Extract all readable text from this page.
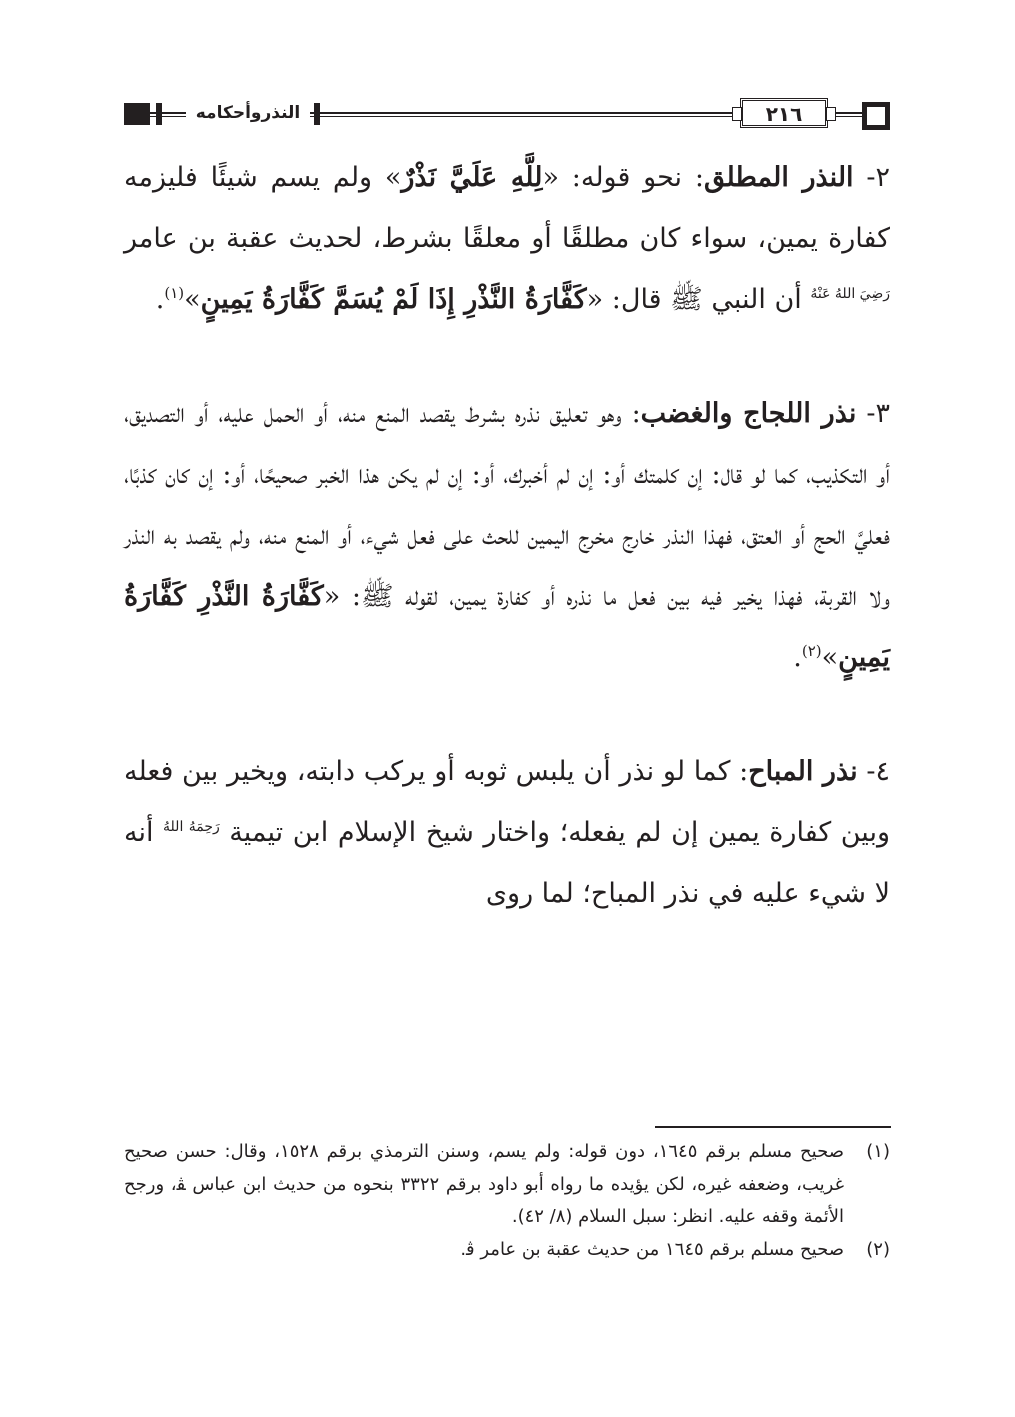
النذروأحكامه	٢١٦

٢- النذر المطلق: نحو قوله: «لِلَّهِ عَلَيَّ نَذْرٌ» ولم يسم شيئًا فليزمه كفارة يمين، سواء كان مطلقًا أو معلقًا بشرط، لحديث عقبة بن عامر $^{رَضِيَ اللهُ عَنْهُ}$ أن النبي ﷺ قال: «كَفَّارَةُ النَّذْرِ إِذَا لَمْ يُسَمَّ كَفَّارَةُ يَمِينٍ»$^{(١)}$.

٣- نذر اللجاج والغضب: وهو تعليق نذره بشرط يقصد المنع منه، أو الحمل عليه، أو التصديق، أو التكذيب، كما لو قال: إن كلمتك أو: إن لم أخبرك، أو: إن لم يكن هذا الخبر صحيحًا، أو: إن كان كذبًا، فعليَّ الحج أو العتق، فهذا النذر خارج مخرج اليمين للحث على فعل شيء، أو المنع منه، ولم يقصد به النذر ولا القربة، فهذا يخير فيه بين فعل ما نذره أو كفارة يمين، لقوله ﷺ: «كَفَّارَةُ النَّذْرِ كَفَّارَةُ يَمِينٍ»$^{(٢)}$.

٤- نذر المباح: كما لو نذر أن يلبس ثوبه أو يركب دابته، ويخير بين فعله وبين كفارة يمين إن لم يفعله؛ واختار شيخ الإسلام ابن تيمية $^{رَحِمَهُ اللهُ}$ أنه لا شيء عليه في نذر المباح؛ لما روى

(١)صحيح مسلم برقم ١٦٤٥، دون قوله: ولم يسم، وسنن الترمذي برقم ١٥٢٨، وقال: حسن صحيح غريب، وضعفه غيره، لكن يؤيده ما رواه أبو داود برقم ٣٣٢٢ بنحوه من حديث ابن عباس ﭭ، ورجح الأئمة وقفه عليه. انظر: سبل السلام (٨/ ٤٢).

(٢)صحيح مسلم برقم ١٦٤٥ من حديث عقبة بن عامر ﭬ.
